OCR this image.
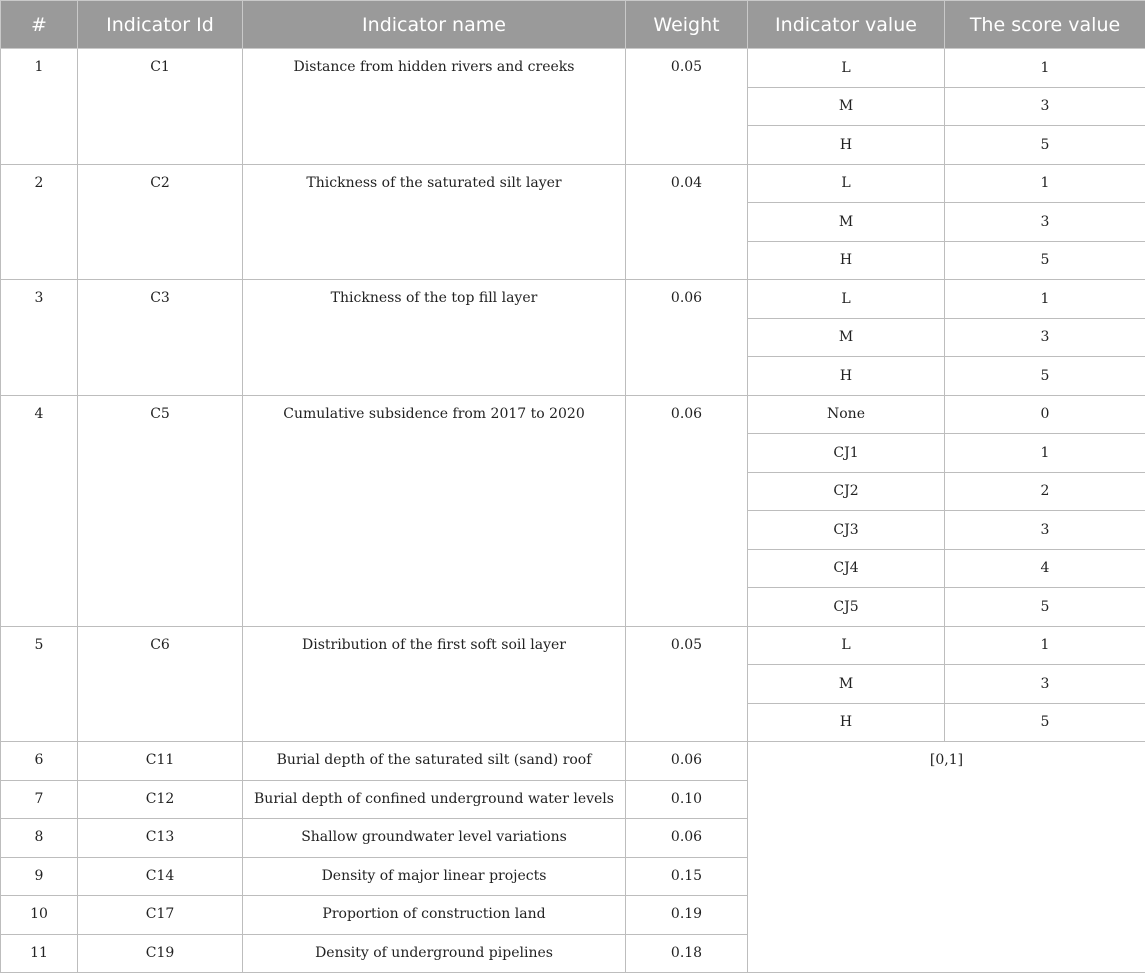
#	Indicator Id	Indicator name	Weight	Indicator value	The score value
1	C1	Distance from hidden rivers and creeks	0.05	L	1
				M	3
				H	5
2	C2	Thickness of the saturated silt layer	0.04	L	1
				M	3
				H	5
3	C3	Thickness of the top fill layer	0.06	L	1
				M	3
				H	5
4	C5	Cumulative subsidence from 2017 to 2020	0.06	None	0
				CJ1	1
				CJ2	2
				CJ3	3
				CJ4	4
				CJ5	5
5	C6	Distribution of the first soft soil layer	0.05	L	1
				M	3
				H	5
6	C11	Burial depth of the saturated silt (sand) roof	0.06	[0,1]	
7	C12	Burial depth of confined underground water levels	0.10		
8	C13	Shallow groundwater level variations	0.06		
9	C14	Density of major linear projects	0.15		
10	C17	Proportion of construction land	0.19		
11	C19	Density of underground pipelines	0.18		
